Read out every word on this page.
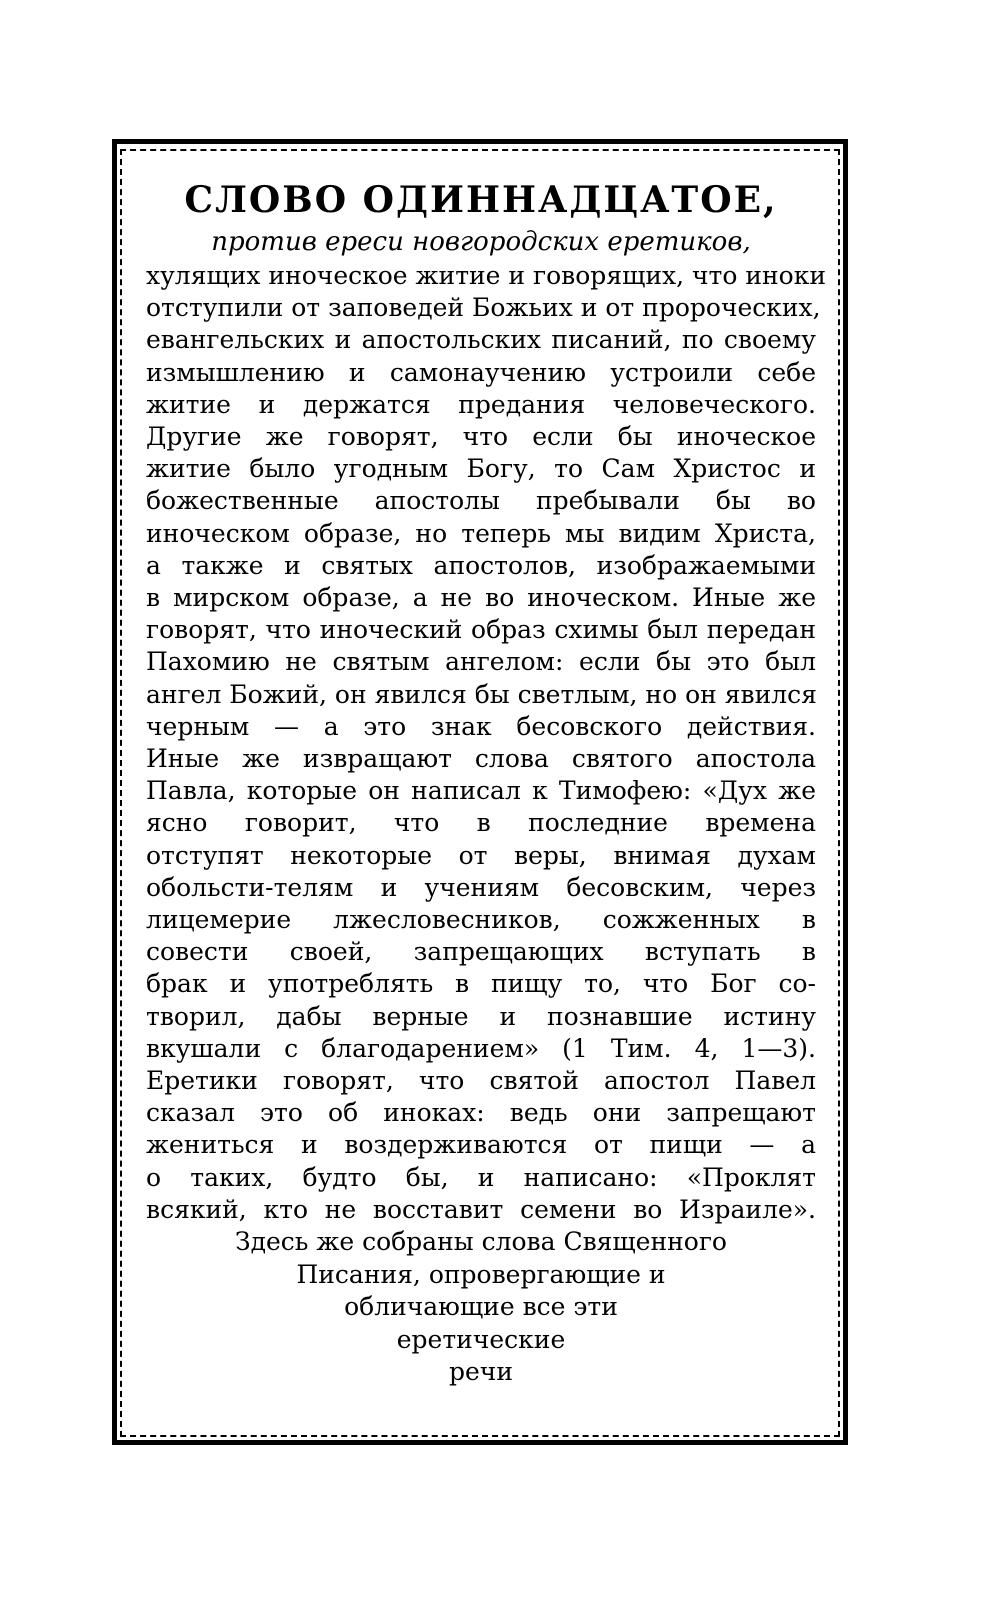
СЛОВО ОДИННАДЦАТОЕ,
против ереси новгородских еретиков,
хулящих иноческое житие и говорящих, что иноки
отступили от заповедей Божьих и от пророческих,
евангельских и апостольских писаний, по своему
измышлению и самонаучению устроили себе
житие и держатся предания человеческого.
Другие же говорят, что если бы иноческое
житие было угодным Богу, то Сам Христос и
божественные апостолы пребывали бы во
иноческом образе, но теперь мы видим Христа,
а также и святых апостолов, изображаемыми
в мирском образе, а не во иноческом. Иные же
говорят, что иноческий образ схимы был передан
Пахомию не святым ангелом: если бы это был
ангел Божий, он явился бы светлым, но он явился
черным — а это знак бесовского действия.
Иные же извращают слова святого апостола
Павла, которые он написал к Тимофею: «Дух же
ясно говорит, что в последние времена
отступят некоторые от веры, внимая духам
обольсти-телям и учениям бесовским, через
лицемерие лжесловесников, сожженных в
совести своей, запрещающих вступать в
брак и употреблять в пищу то, что Бог со-
творил, дабы верные и познавшие истину
вкушали с благодарением» (1 Тим. 4, 1—3).
Еретики говорят, что святой апостол Павел
сказал это об иноках: ведь они запрещают
жениться и воздерживаются от пищи — а
о таких, будто бы, и написано: «Проклят
всякий, кто не восставит семени во Израиле».
Здесь же собраны слова Священного
Писания, опровергающие и
обличающие все эти
еретические
речи
